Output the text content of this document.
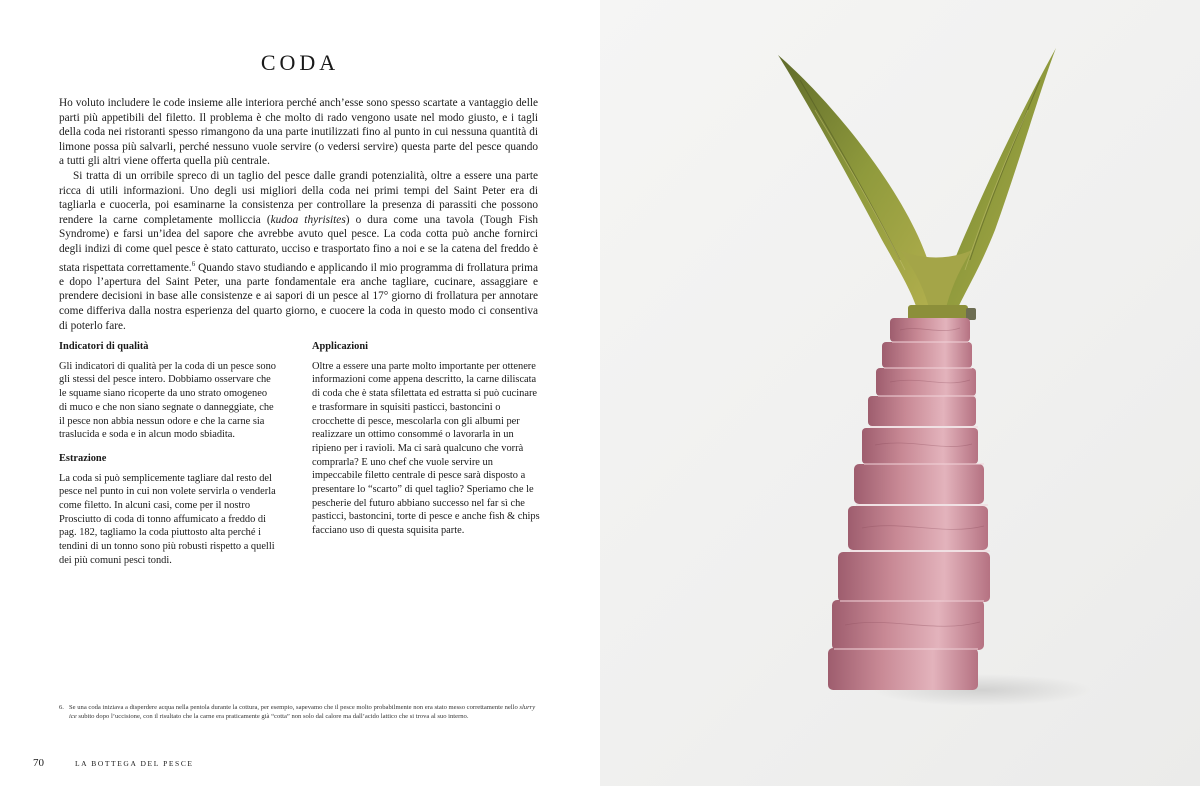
CODA

Ho voluto includere le code insieme alle interiora perché anch’esse sono spesso scartate a vantaggio delle parti più appetibili del filetto. Il problema è che molto di rado vengono usate nel modo giusto, e i tagli della coda nei ristoranti spesso rimangono da una parte inutilizzati fino al punto in cui nessuna quantità di limone possa più salvarli, perché nessuno vuole servire (o vedersi servire) questa parte del pesce quando a tutti gli altri viene offerta quella più centrale.

Si tratta di un orribile spreco di un taglio del pesce dalle grandi potenzialità, oltre a essere una parte ricca di utili informazioni. Uno degli usi migliori della coda nei primi tempi del Saint Peter era di tagliarla e cuocerla, poi esaminarne la consistenza per controllare la presenza di parassiti che possono rendere la carne completamente molliccia (kudoa thyrisites) o dura come una tavola (Tough Fish Syndrome) e farsi un’idea del sapore che avrebbe avuto quel pesce. La coda cotta può anche fornirci degli indizi di come quel pesce è stato catturato, ucciso e trasportato fino a noi e se la catena del freddo è stata rispettata correttamente.$^6$ Quando stavo studiando e applicando il mio programma di frollatura prima e dopo l’apertura del Saint Peter, una parte fondamentale era anche tagliare, cucinare, assaggiare e prendere decisioni in base alle consistenze e ai sapori di un pesce al 17° giorno di frollatura per annotare come differiva dalla nostra esperienza del quarto giorno, e cuocere la coda in questo modo ci consentiva di poterlo fare.

Indicatori di qualità

Gli indicatori di qualità per la coda di un pesce sono gli stessi del pesce intero. Dobbiamo osservare che le squame siano ricoperte da uno strato omogeneo di muco e che non siano segnate o danneggiate, che il pesce non abbia nessun odore e che la carne sia traslucida e soda e in alcun modo sbiadita.

Estrazione

La coda si può semplicemente tagliare dal resto del pesce nel punto in cui non volete servirla o venderla come filetto. In alcuni casi, come per il nostro Prosciutto di coda di tonno affumicato a freddo di pag. 182, tagliamo la coda piuttosto alta perché i tendini di un tonno sono più robusti rispetto a quelli dei più comuni pesci tondi.

Applicazioni

Oltre a essere una parte molto importante per ottenere informazioni come appena descritto, la carne diliscata di coda che è stata sfilettata ed estratta si può cucinare e trasformare in squisiti pasticci, bastoncini o crocchette di pesce, mescolarla con gli albumi per realizzare un ottimo consommé o lavorarla in un ripieno per i ravioli. Ma ci sarà qualcuno che vorrà comprarla? E uno chef che vuole servire un impeccabile filetto centrale di pesce sarà disposto a presentare lo “scarto” di quel taglio? Speriamo che le pescherie del futuro abbiano successo nel far sì che pasticci, bastoncini, torte di pesce e anche fish & chips facciano uso di questa squisita parte.

6. Se una coda iniziava a disperdere acqua nella pentola durante la cottura, per esempio, sapevamo che il pesce molto probabilmente non era stato messo correttamente nello slurry ice subito dopo l’uccisione, con il risultato che la carne era praticamente già “cotta” non solo dal calore ma dall’acido lattico che si trova al suo interno.
70	LA BOTTEGA DEL PESCE
